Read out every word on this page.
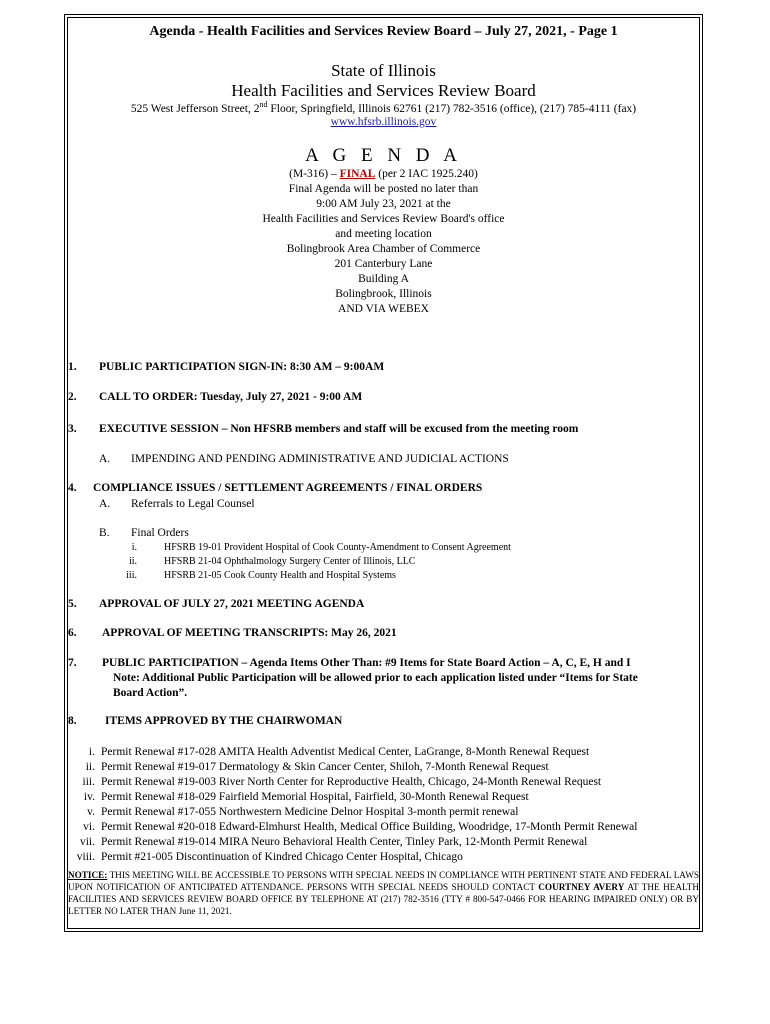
Agenda - Health Facilities and Services Review Board – July 27, 2021, - Page 1
State of Illinois
Health Facilities and Services Review Board
525 West Jefferson Street, 2nd Floor, Springfield, Illinois 62761 (217) 782-3516 (office), (217) 785-4111 (fax)
www.hfsrb.illinois.gov
A G E N D A
(M-316) – FINAL (per 2 IAC 1925.240)
Final Agenda will be posted no later than
9:00 AM July 23, 2021 at the
Health Facilities and Services Review Board's office
and meeting location
Bolingbrook Area Chamber of Commerce
201 Canterbury Lane
Building A
Bolingbrook, Illinois
AND VIA WEBEX
1. PUBLIC PARTICIPATION SIGN-IN: 8:30 AM – 9:00AM
2. CALL TO ORDER: Tuesday, July 27, 2021 - 9:00 AM
3. EXECUTIVE SESSION – Non HFSRB members and staff will be excused from the meeting room
A. IMPENDING AND PENDING ADMINISTRATIVE AND JUDICIAL ACTIONS
4. COMPLIANCE ISSUES / SETTLEMENT AGREEMENTS / FINAL ORDERS
A. Referrals to Legal Counsel
B. Final Orders
i.	HFSRB 19-01 Provident Hospital of Cook County-Amendment to Consent Agreement
ii.	HFSRB 21-04 Ophthalmology Surgery Center of Illinois, LLC
iii.	HFSRB 21-05 Cook County Health and Hospital Systems
5. APPROVAL OF JULY 27, 2021 MEETING AGENDA
6. APPROVAL OF MEETING TRANSCRIPTS: May 26, 2021
7. PUBLIC PARTICIPATION – Agenda Items Other Than: #9 Items for State Board Action – A, C, E, H and I
Note: Additional Public Participation will be allowed prior to each application listed under “Items for State
Board Action”.
8. ITEMS APPROVED BY THE CHAIRWOMAN
i. Permit Renewal #17-028 AMITA Health Adventist Medical Center, LaGrange, 8-Month Renewal Request
ii. Permit Renewal #19-017 Dermatology & Skin Cancer Center, Shiloh, 7-Month Renewal Request
iii. Permit Renewal #19-003 River North Center for Reproductive Health, Chicago, 24-Month Renewal Request
iv. Permit Renewal #18-029 Fairfield Memorial Hospital, Fairfield, 30-Month Renewal Request
v. Permit Renewal #17-055 Northwestern Medicine Delnor Hospital 3-month permit renewal
vi. Permit Renewal #20-018 Edward-Elmhurst Health, Medical Office Building, Woodridge, 17-Month Permit Renewal
vii. Permit Renewal #19-014 MIRA Neuro Behavioral Health Center, Tinley Park, 12-Month Permit Renewal
viii. Permit #21-005 Discontinuation of Kindred Chicago Center Hospital, Chicago
NOTICE: THIS MEETING WILL BE ACCESSIBLE TO PERSONS WITH SPECIAL NEEDS IN COMPLIANCE WITH PERTINENT STATE AND FEDERAL LAWS UPON NOTIFICATION OF ANTICIPATED ATTENDANCE. PERSONS WITH SPECIAL NEEDS SHOULD CONTACT COURTNEY AVERY AT THE HEALTH FACILITIES AND SERVICES REVIEW BOARD OFFICE BY TELEPHONE AT (217) 782-3516 (TTY # 800-547-0466 FOR HEARING IMPAIRED ONLY) OR BY LETTER NO LATER THAN June 11, 2021.
